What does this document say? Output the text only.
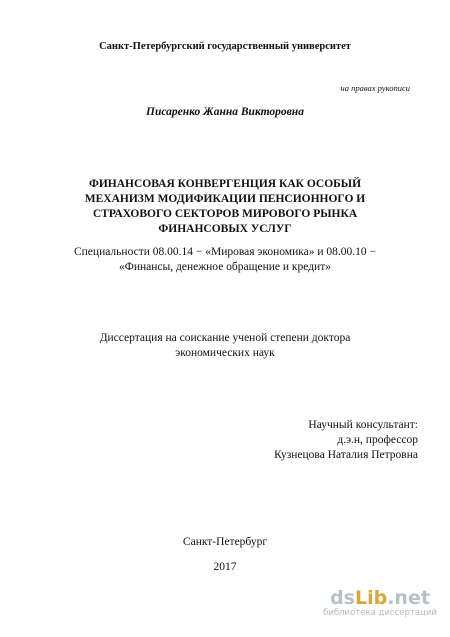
Санкт-Петербургский государственный университет
на правах рукописи
Писаренко Жанна Викторовна
ФИНАНСОВАЯ КОНВЕРГЕНЦИЯ КАК ОСОБЫЙ
МЕХАНИЗМ МОДИФИКАЦИИ ПЕНСИОННОГО И
СТРАХОВОГО СЕКТОРОВ МИРОВОГО РЫНКА
ФИНАНСОВЫХ УСЛУГ
Специальности 08.00.14 − «Мировая экономика» и 08.00.10 −
«Финансы, денежное обращение и кредит»
Диссертация на соискание ученой степени доктора
экономических наук
Научный консультант:
д.э.н, профессор
Кузнецова Наталия Петровна
Санкт-Петербург
2017
dsLib.net
библиотека диссертаций
